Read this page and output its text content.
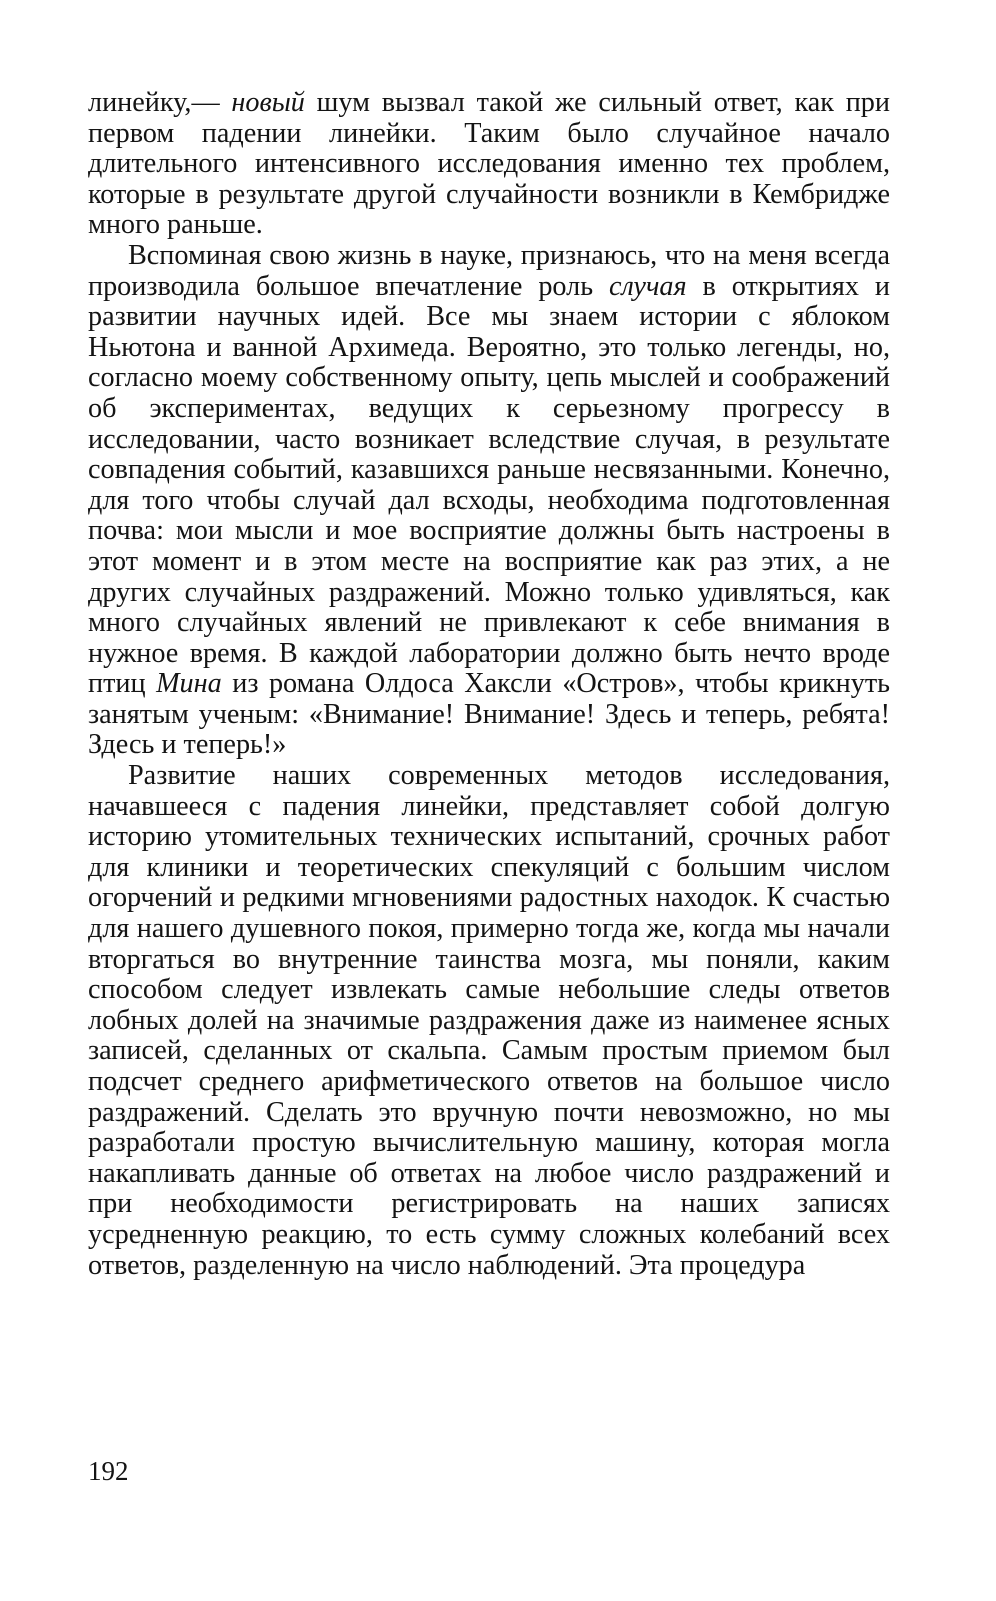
линейку,— новый шум вызвал такой же сильный ответ, как при первом падении линейки. Таким было случайное начало длительного интенсивного исследования именно тех проблем, которые в результате другой случайности возникли в Кембридже много раньше.

Вспоминая свою жизнь в науке, признаюсь, что на меня всегда производила большое впечатление роль случая в открытиях и развитии научных идей. Все мы знаем истории с яблоком Ньютона и ванной Архимеда. Вероятно, это только легенды, но, согласно моему собственному опыту, цепь мыслей и соображений об экспериментах, ведущих к серьезному прогрессу в исследовании, часто возникает вследствие случая, в результате совпадения событий, казавшихся раньше несвязанными. Конечно, для того чтобы случай дал всходы, необходима подготовленная почва: мои мысли и мое восприятие должны быть настроены в этот момент и в этом месте на восприятие как раз этих, а не других случайных раздражений. Можно только удивляться, как много случайных явлений не привлекают к себе внимания в нужное время. В каждой лаборатории должно быть нечто вроде птиц Мина из романа Олдоса Хаксли «Остров», чтобы крикнуть занятым ученым: «Внимание! Внимание! Здесь и теперь, ребята! Здесь и теперь!»

Развитие наших современных методов исследования, начавшееся с падения линейки, представляет собой долгую историю утомительных технических испытаний, срочных работ для клиники и теоретических спекуляций с большим числом огорчений и редкими мгновениями радостных находок. К счастью для нашего душевного покоя, примерно тогда же, когда мы начали вторгаться во внутренние таинства мозга, мы поняли, каким способом следует извлекать самые небольшие следы ответов лобных долей на значимые раздражения даже из наименее ясных записей, сделанных от скальпа. Самым простым приемом был подсчет среднего арифметического ответов на большое число раздражений. Сделать это вручную почти невозможно, но мы разработали простую вычислительную машину, которая могла накапливать данные об ответах на любое число раздражений и при необходимости регистрировать на наших записях усредненную реакцию, то есть сумму сложных колебаний всех ответов, разделенную на число наблюдений. Эта процедура

192
